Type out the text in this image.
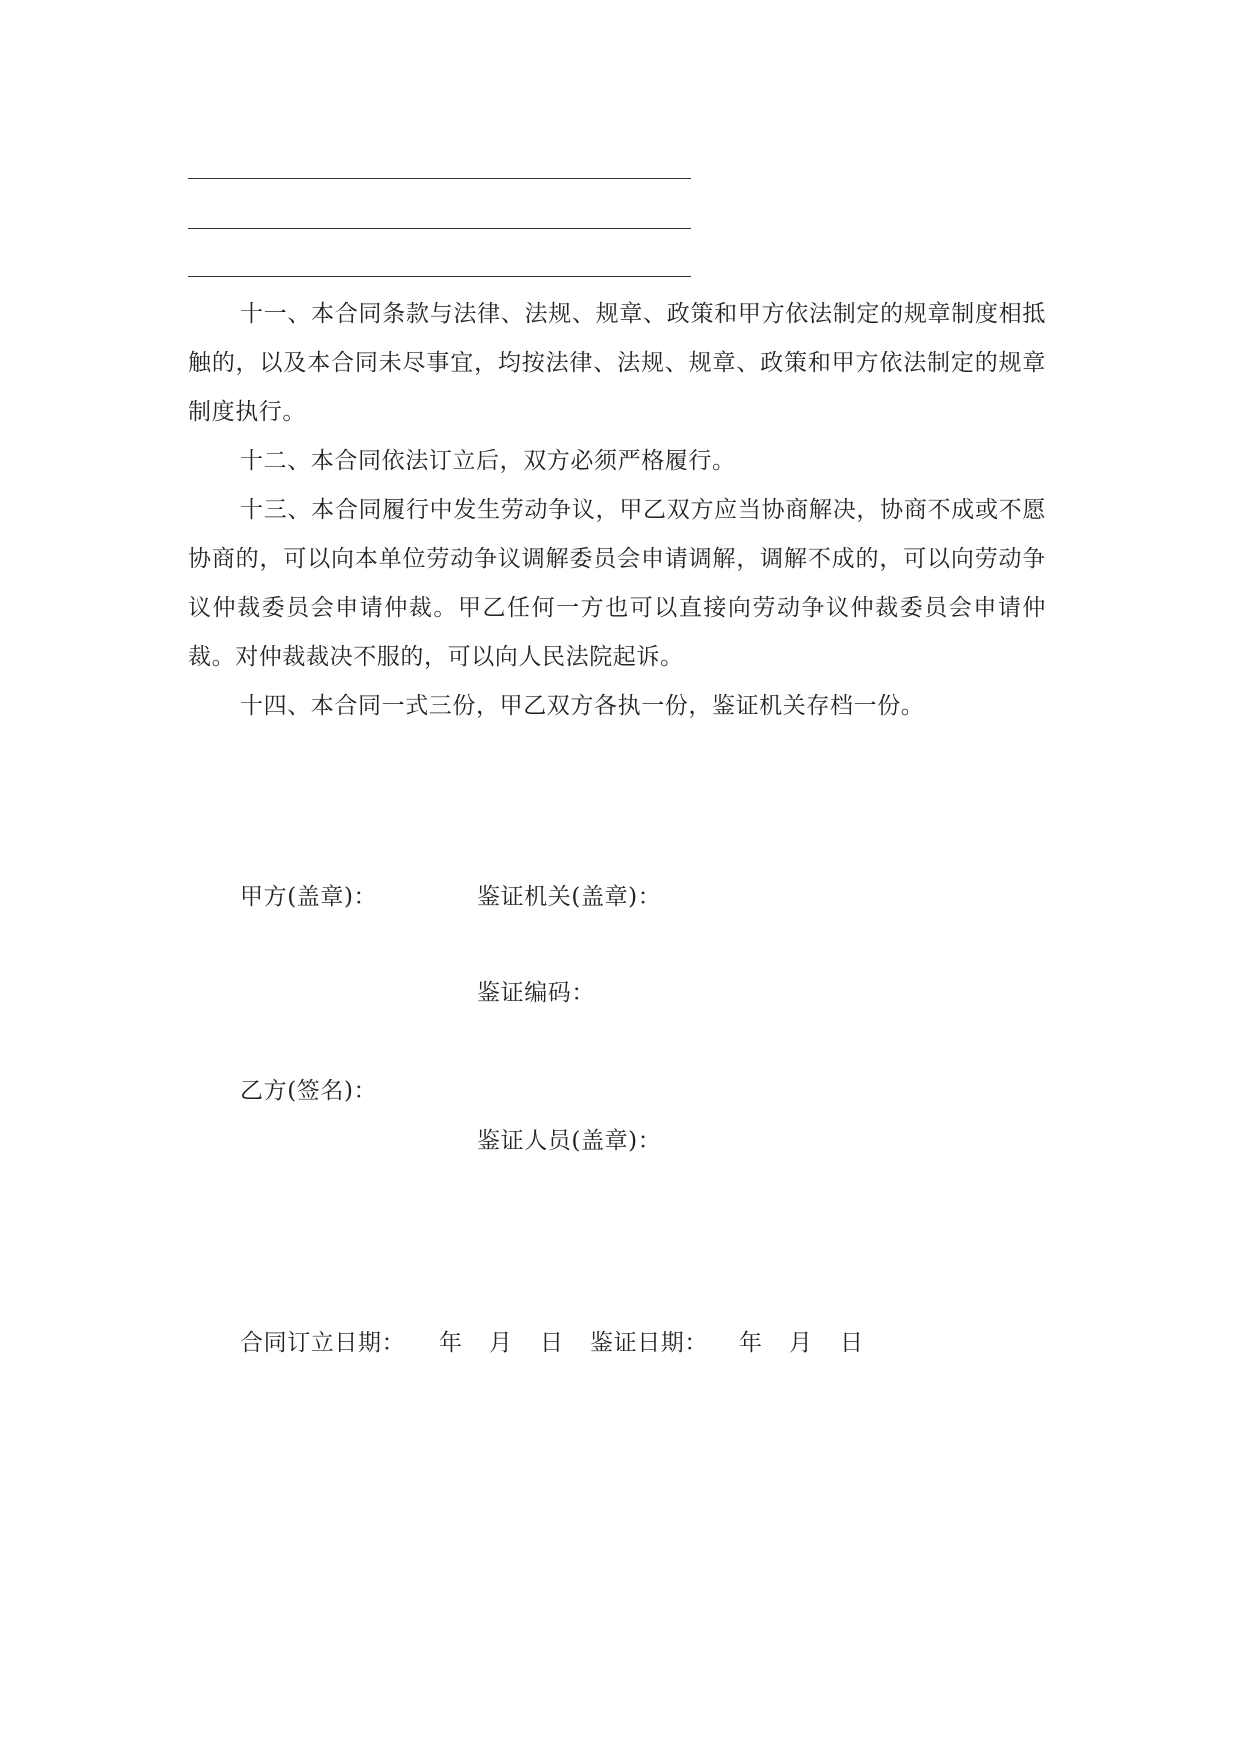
十一、本合同条款与法律、法规、规章、政策和甲方依法制定的规章制度相抵触的，以及本合同未尽事宜，均按法律、法规、规章、政策和甲方依法制定的规章制度执行。

十二、本合同依法订立后，双方必须严格履行。

十三、本合同履行中发生劳动争议，甲乙双方应当协商解决，协商不成或不愿协商的，可以向本单位劳动争议调解委员会申请调解，调解不成的，可以向劳动争议仲裁委员会申请仲裁。甲乙任何一方也可以直接向劳动争议仲裁委员会申请仲裁。对仲裁裁决不服的，可以向人民法院起诉。

十四、本合同一式三份，甲乙双方各执一份，鉴证机关存档一份。

甲方(盖章)：	鉴证机关(盖章)：
鉴证编码：
乙方(签名)：
鉴证人员(盖章)：
合同订立日期： 年 月 日 鉴证日期： 年 月 日
